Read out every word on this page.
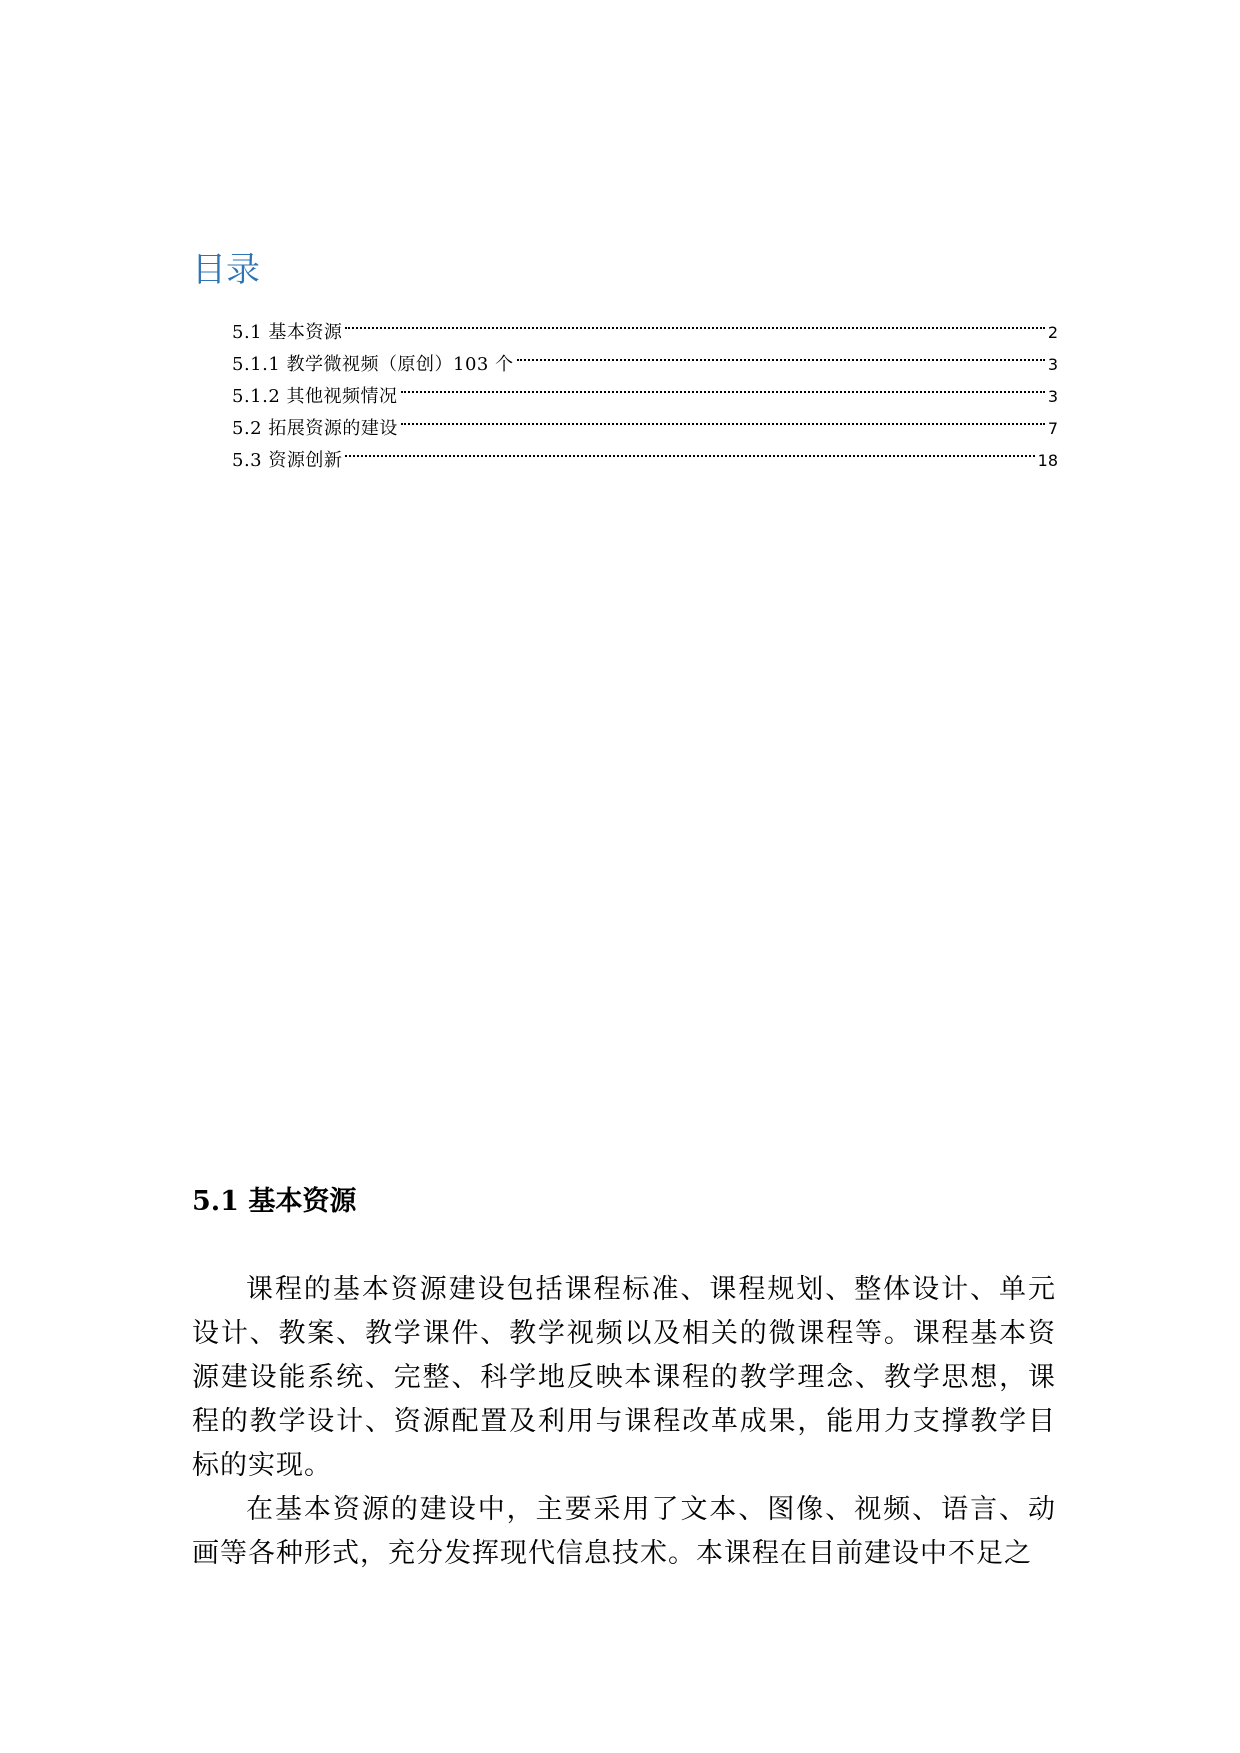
目录
5.1 基本资源	2
5.1.1 教学微视频（原创）103 个	3
5.1.2 其他视频情况	3
5.2 拓展资源的建设	7
5.3 资源创新	18
5.1 基本资源

课程的基本资源建设包括课程标准、课程规划、整体设计、单元设计、教案、教学课件、教学视频以及相关的微课程等。课程基本资源建设能系统、完整、科学地反映本课程的教学理念、教学思想，课程的教学设计、资源配置及利用与课程改革成果，能用力支撑教学目标的实现。

在基本资源的建设中，主要采用了文本、图像、视频、语言、动画等各种形式，充分发挥现代信息技术。本课程在目前建设中不足之
